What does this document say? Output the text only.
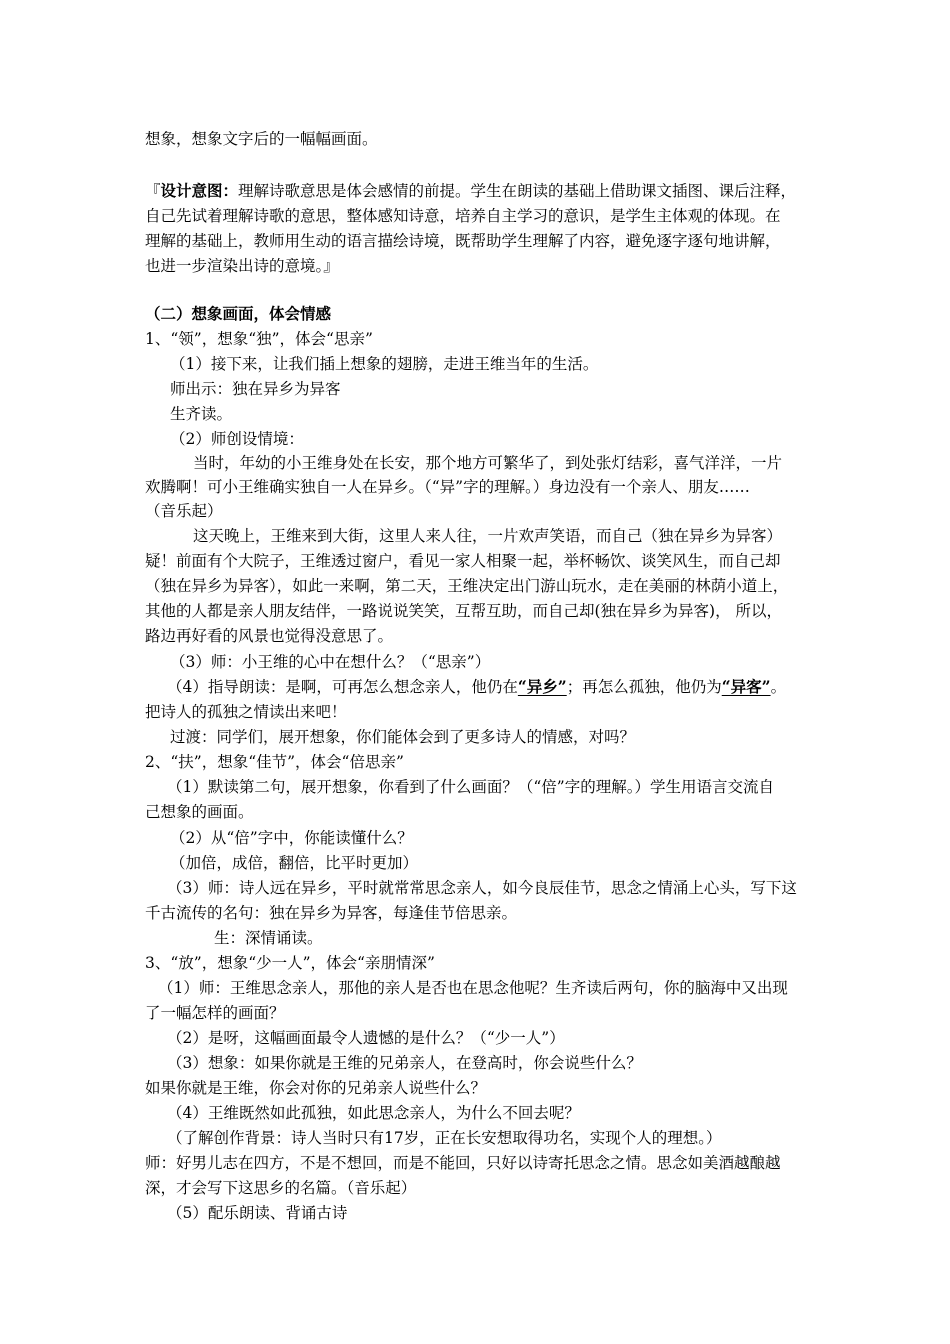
想象，想象文字后的一幅幅画面。
『设计意图：理解诗歌意思是体会感情的前提。学生在朗读的基础上借助课文插图、课后注释，
自己先试着理解诗歌的意思，整体感知诗意，培养自主学习的意识，是学生主体观的体现。在
理解的基础上，教师用生动的语言描绘诗境，既帮助学生理解了内容，避免逐字逐句地讲解，
也进一步渲染出诗的意境。』
（二）想象画面，体会情感
1、“领”，想象“独”，体会“思亲”
（1）接下来，让我们插上想象的翅膀，走进王维当年的生活。
师出示：独在异乡为异客
生齐读。
（2）师创设情境：
当时，年幼的小王维身处在长安，那个地方可繁华了，到处张灯结彩，喜气洋洋，一片
欢腾啊！可小王维确实独自一人在异乡。（“异”字的理解。）身边没有一个亲人、朋友……
（音乐起）
这天晚上，王维来到大街，这里人来人往，一片欢声笑语，而自己（独在异乡为异客）
疑！前面有个大院子，王维透过窗户，看见一家人相聚一起，举杯畅饮、谈笑风生，而自己却
（独在异乡为异客），如此一来啊，第二天，王维决定出门游山玩水，走在美丽的林荫小道上，
其他的人都是亲人朋友结伴，一路说说笑笑，互帮互助，而自己却(独在异乡为异客)， 所以，
路边再好看的风景也觉得没意思了。
（3）师：小王维的心中在想什么？（“思亲”）
（4）指导朗读：是啊，可再怎么想念亲人，他仍在“异乡”；再怎么孤独，他仍为“异客”。
把诗人的孤独之情读出来吧！
过渡：同学们，展开想象，你们能体会到了更多诗人的情感，对吗？
2、“扶”，想象“佳节”，体会“倍思亲”
（1）默读第二句，展开想象，你看到了什么画面？（“倍”字的理解。）学生用语言交流自
己想象的画面。
（2）从“倍”字中，你能读懂什么？
（加倍，成倍，翻倍，比平时更加）
（3）师：诗人远在异乡，平时就常常思念亲人，如今良辰佳节，思念之情涌上心头，写下这
千古流传的名句：独在异乡为异客，每逢佳节倍思亲。
生：深情诵读。
3、“放”，想象“少一人”，体会“亲朋情深”
（1）师：王维思念亲人，那他的亲人是否也在思念他呢？生齐读后两句，你的脑海中又出现
了一幅怎样的画面？
（2）是呀，这幅画面最令人遗憾的是什么？（“少一人”）
（3）想象：如果你就是王维的兄弟亲人，在登高时，你会说些什么？
如果你就是王维，你会对你的兄弟亲人说些什么？
（4）王维既然如此孤独，如此思念亲人，为什么不回去呢？
（了解创作背景：诗人当时只有17岁，正在长安想取得功名，实现个人的理想。）
师：好男儿志在四方，不是不想回，而是不能回，只好以诗寄托思念之情。思念如美酒越酿越
深，才会写下这思乡的名篇。（音乐起）
（5）配乐朗读、背诵古诗
